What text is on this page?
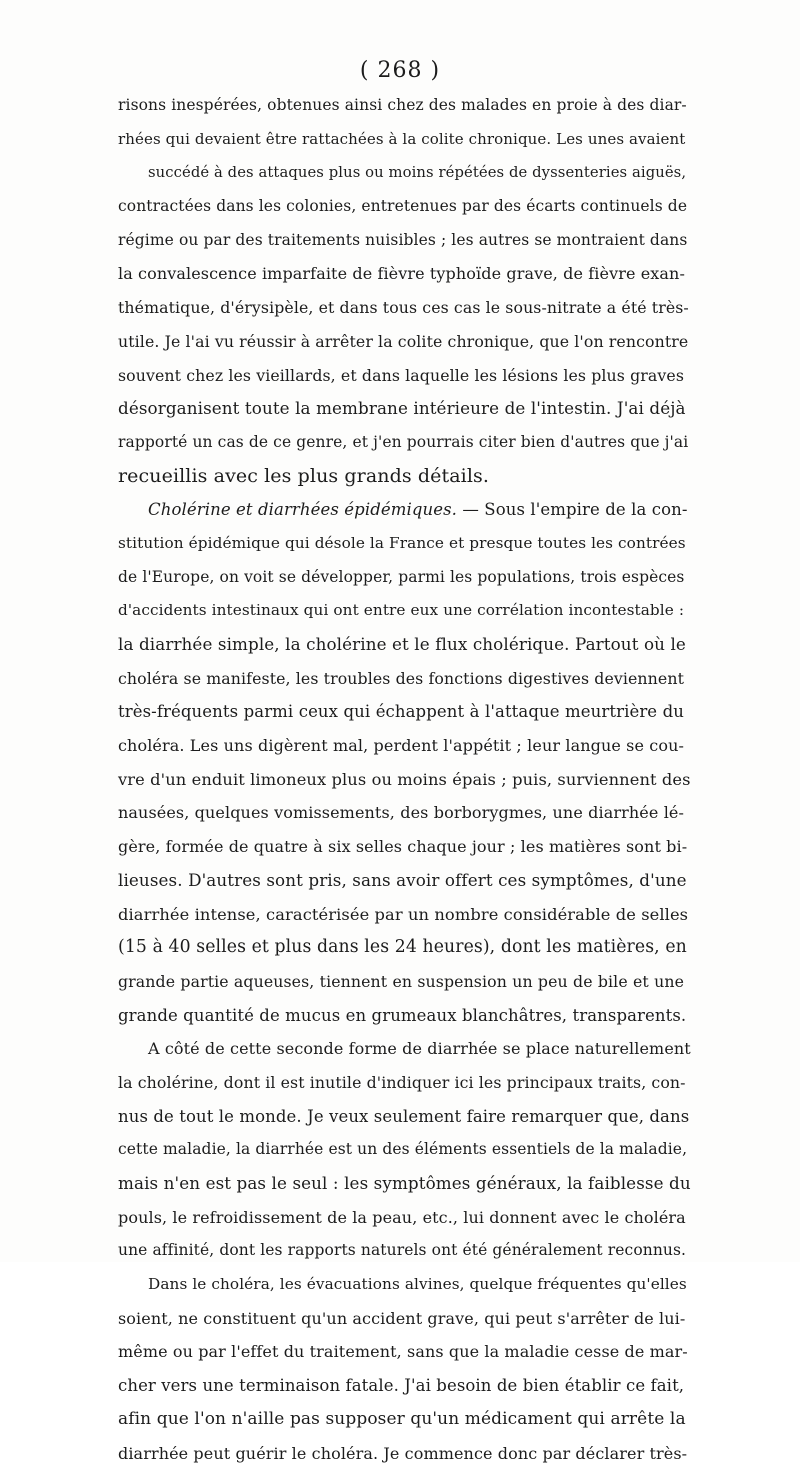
( 268 )
risons inespérées, obtenues ainsi chez des malades en proie à des diar-
rhées qui devaient être rattachées à la colite chronique. Les unes avaient
succédé à des attaques plus ou moins répétées de dyssenteries aiguës,
contractées dans les colonies, entretenues par des écarts continuels de
régime ou par des traitements nuisibles ; les autres se montraient dans
la convalescence imparfaite de fièvre typhoïde grave, de fièvre exan-
thématique, d'érysipèle, et dans tous ces cas le sous-nitrate a été très-
utile. Je l'ai vu réussir à arrêter la colite chronique, que l'on rencontre
souvent chez les vieillards, et dans laquelle les lésions les plus graves
désorganisent toute la membrane intérieure de l'intestin. J'ai déjà
rapporté un cas de ce genre, et j'en pourrais citer bien d'autres que j'ai
recueillis avec les plus grands détails.
Cholérine et diarrhées épidémiques. — Sous l'empire de la con-
stitution épidémique qui désole la France et presque toutes les contrées
de l'Europe, on voit se développer, parmi les populations, trois espèces
d'accidents intestinaux qui ont entre eux une corrélation incontestable :
la diarrhée simple, la cholérine et le flux cholérique. Partout où le
choléra se manifeste, les troubles des fonctions digestives deviennent
très-fréquents parmi ceux qui échappent à l'attaque meurtrière du
choléra. Les uns digèrent mal, perdent l'appétit ; leur langue se cou-
vre d'un enduit limoneux plus ou moins épais ; puis, surviennent des
nausées, quelques vomissements, des borborygmes, une diarrhée lé-
gère, formée de quatre à six selles chaque jour ; les matières sont bi-
lieuses. D'autres sont pris, sans avoir offert ces symptômes, d'une
diarrhée intense, caractérisée par un nombre considérable de selles
(15 à 40 selles et plus dans les 24 heures), dont les matières, en
grande partie aqueuses, tiennent en suspension un peu de bile et une
grande quantité de mucus en grumeaux blanchâtres, transparents.
A côté de cette seconde forme de diarrhée se place naturellement
la cholérine, dont il est inutile d'indiquer ici les principaux traits, con-
nus de tout le monde. Je veux seulement faire remarquer que, dans
cette maladie, la diarrhée est un des éléments essentiels de la maladie,
mais n'en est pas le seul : les symptômes généraux, la faiblesse du
pouls, le refroidissement de la peau, etc., lui donnent avec le choléra
une affinité, dont les rapports naturels ont été généralement reconnus.
Dans le choléra, les évacuations alvines, quelque fréquentes qu'elles
soient, ne constituent qu'un accident grave, qui peut s'arrêter de lui-
même ou par l'effet du traitement, sans que la maladie cesse de mar-
cher vers une terminaison fatale. J'ai besoin de bien établir ce fait,
afin que l'on n'aille pas supposer qu'un médicament qui arrête la
diarrhée peut guérir le choléra. Je commence donc par déclarer très-
